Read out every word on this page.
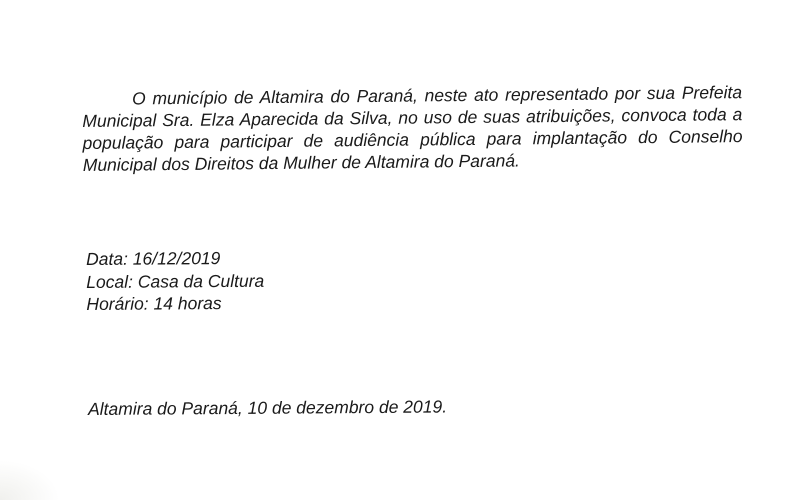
O município de Altamira do Paraná, neste ato representado por sua Prefeita Municipal Sra. Elza Aparecida da Silva, no uso de suas atribuições, convoca toda a população para participar de audiência pública para implantação do Conselho Municipal dos Direitos da Mulher de Altamira do Paraná.

Data: 16/12/2019
Local: Casa da Cultura
Horário: 14 horas

Altamira do Paraná, 10 de dezembro de 2019.
